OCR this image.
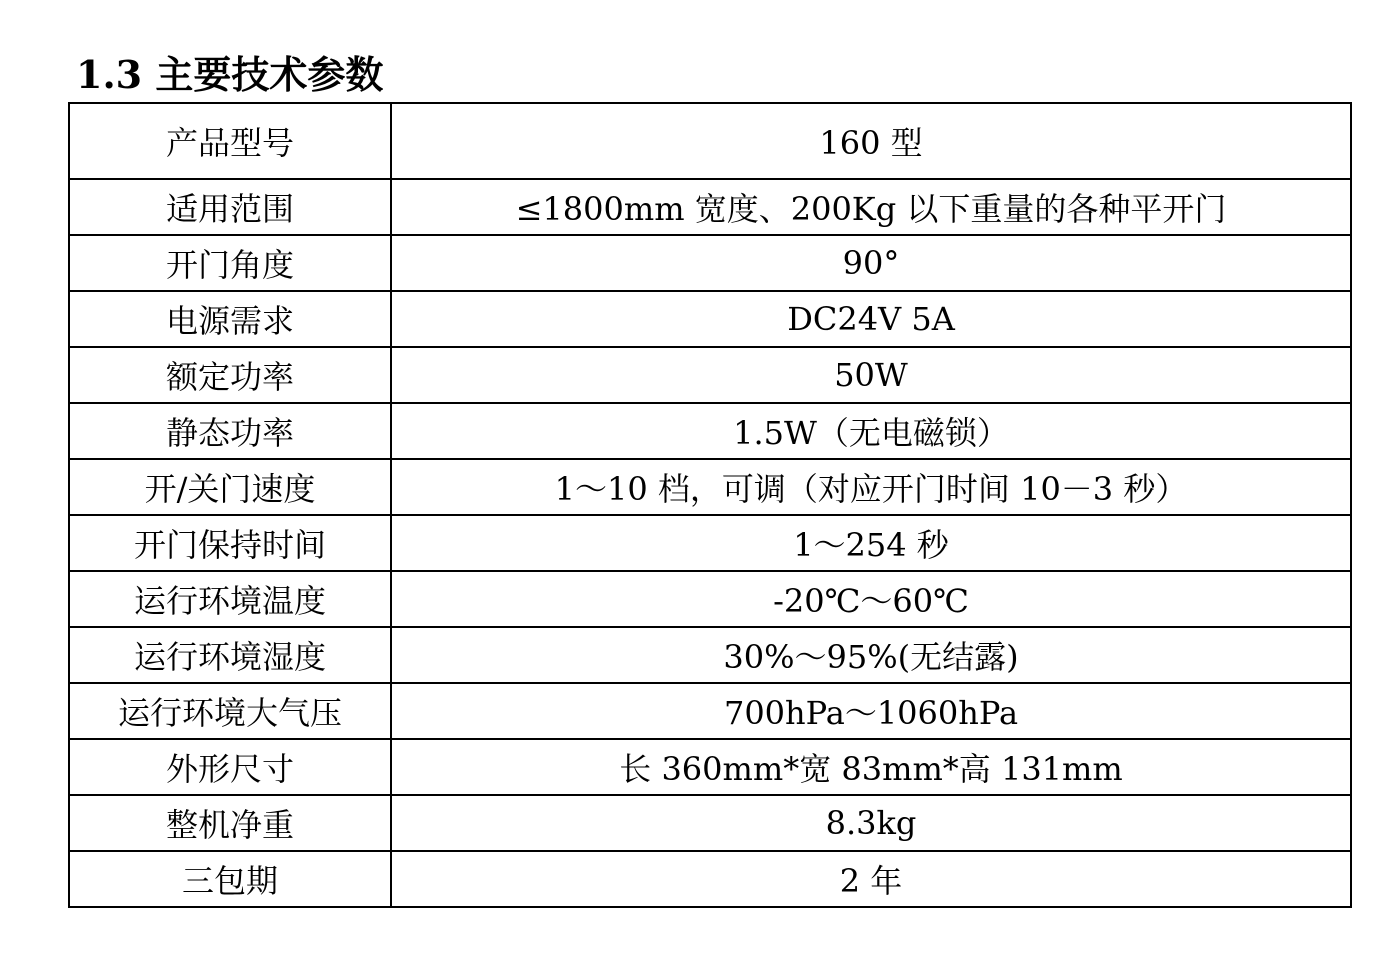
1.3 主要技术参数
产品型号	160 型
适用范围	≤1800mm 宽度、200Kg 以下重量的各种平开门
开门角度	90°
电源需求	DC24V 5A
额定功率	50W
静态功率	1.5W（无电磁锁）
开/关门速度	1～10 档，可调（对应开门时间 10－3 秒）
开门保持时间	1～254 秒
运行环境温度	-20℃～60℃
运行环境湿度	30%～95%(无结露)
运行环境大气压	700hPa～1060hPa
外形尺寸	长 360mm*宽 83mm*高 131mm
整机净重	8.3kg
三包期	2 年
